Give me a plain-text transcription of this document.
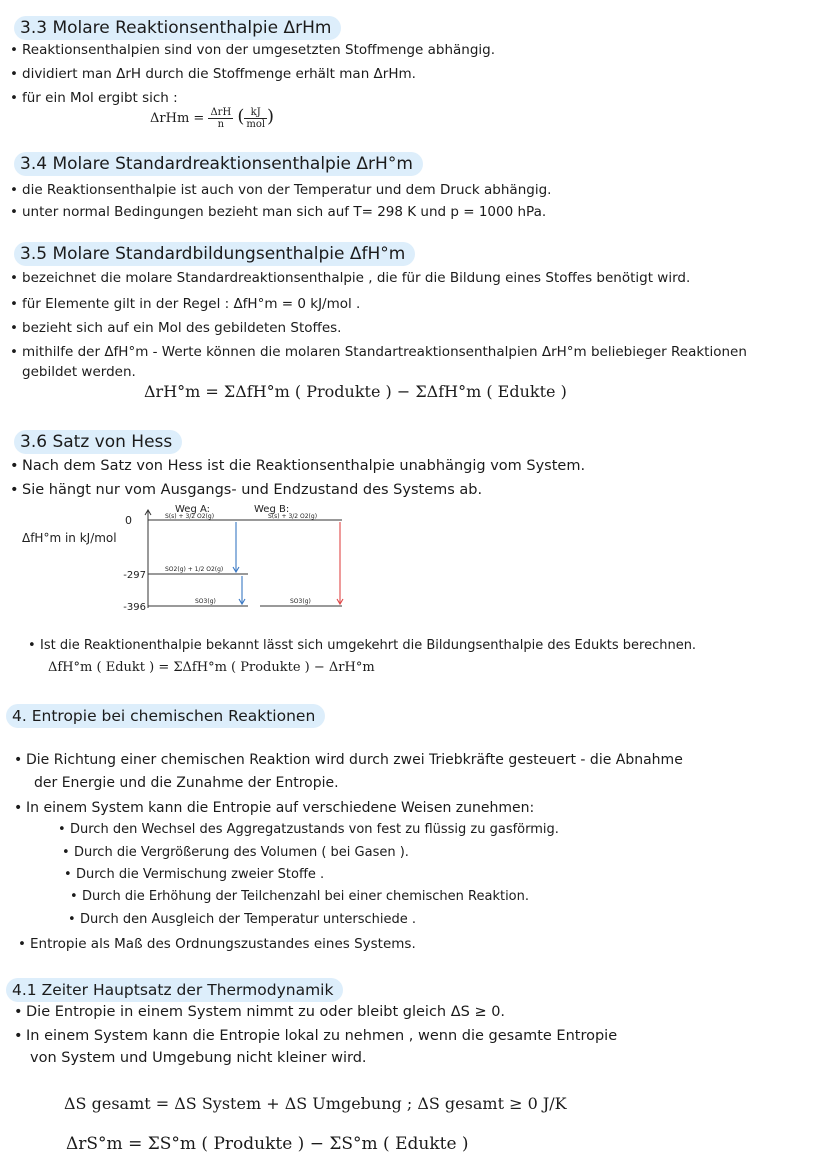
3.3 Molare Reaktionsenthalpie ΔrHm
• Reaktionsenthalpien sind von der umgesetzten Stoffmenge abhängig.
• dividiert man ΔrH durch die Stoffmenge erhält man ΔrHm.
• für ein Mol ergibt sich :
$\Delta rHm = \frac{\text{ΔrH}}{n}$ ( $\frac{kJ}{\text{mol}}$ )
3.4 Molare Standardreaktionsenthalpie ΔrH°m
• die Reaktionsenthalpie ist auch von der Temperatur und dem Druck abhängig.
• unter normal Bedingungen bezieht man sich auf T= 298 K und p = 1000 hPa.
3.5 Molare Standardbildungsenthalpie ΔfH°m
• bezeichnet die molare Standardreaktionsenthalpie , die für die Bildung eines Stoffes benötigt wird.
• für Elemente gilt in der Regel : ΔfH°m = 0 kJ/mol .
• bezieht sich auf ein Mol des gebildeten Stoffes.
• mithilfe der ΔfH°m - Werte können die molaren Standartreaktionsenthalpien ΔrH°m beliebieger Reaktionen
gebildet werden.
ΔrH°m = ΣΔfH°m ( Produkte ) − ΣΔfH°m ( Edukte )
3.6 Satz von Hess
• Nach dem Satz von Hess ist die Reaktionsenthalpie unabhängig vom System.
• Sie hängt nur vom Ausgangs- und Endzustand des Systems ab.
ΔfH°m in kJ/mol
0
-297
-396
Weg A:	Weg B:
S(s) + 3/2 O2(g)	S(s) + 3/2 O2(g)
SO2(g) + 1/2 O2(g)
SO3(g)	SO3(g)
• Ist die Reaktionenthalpie bekannt lässt sich umgekehrt die Bildungsenthalpie des Edukts berechnen.
ΔfH°m ( Edukt ) = ΣΔfH°m ( Produkte ) − ΔrH°m
4. Entropie bei chemischen Reaktionen
• Die Richtung einer chemischen Reaktion wird durch zwei Triebkräfte gesteuert - die Abnahme
der Energie und die Zunahme der Entropie.
• In einem System kann die Entropie auf verschiedene Weisen zunehmen:
• Durch den Wechsel des Aggregatzustands von fest zu flüssig zu gasförmig.
• Durch die Vergrößerung des Volumen ( bei Gasen ).
• Durch die Vermischung zweier Stoffe .
• Durch die Erhöhung der Teilchenzahl bei einer chemischen Reaktion.
• Durch den Ausgleich der Temperatur unterschiede .
• Entropie als Maß des Ordnungszustandes eines Systems.
4.1 Zeiter Hauptsatz der Thermodynamik
• Die Entropie in einem System nimmt zu oder bleibt gleich ΔS ≥ 0.
• In einem System kann die Entropie lokal zu nehmen , wenn die gesamte Entropie
von System und Umgebung nicht kleiner wird.
ΔS gesamt = ΔS System + ΔS Umgebung ; ΔS gesamt ≥ 0 J/K
ΔrS°m = ΣS°m ( Produkte ) − ΣS°m ( Edukte )
